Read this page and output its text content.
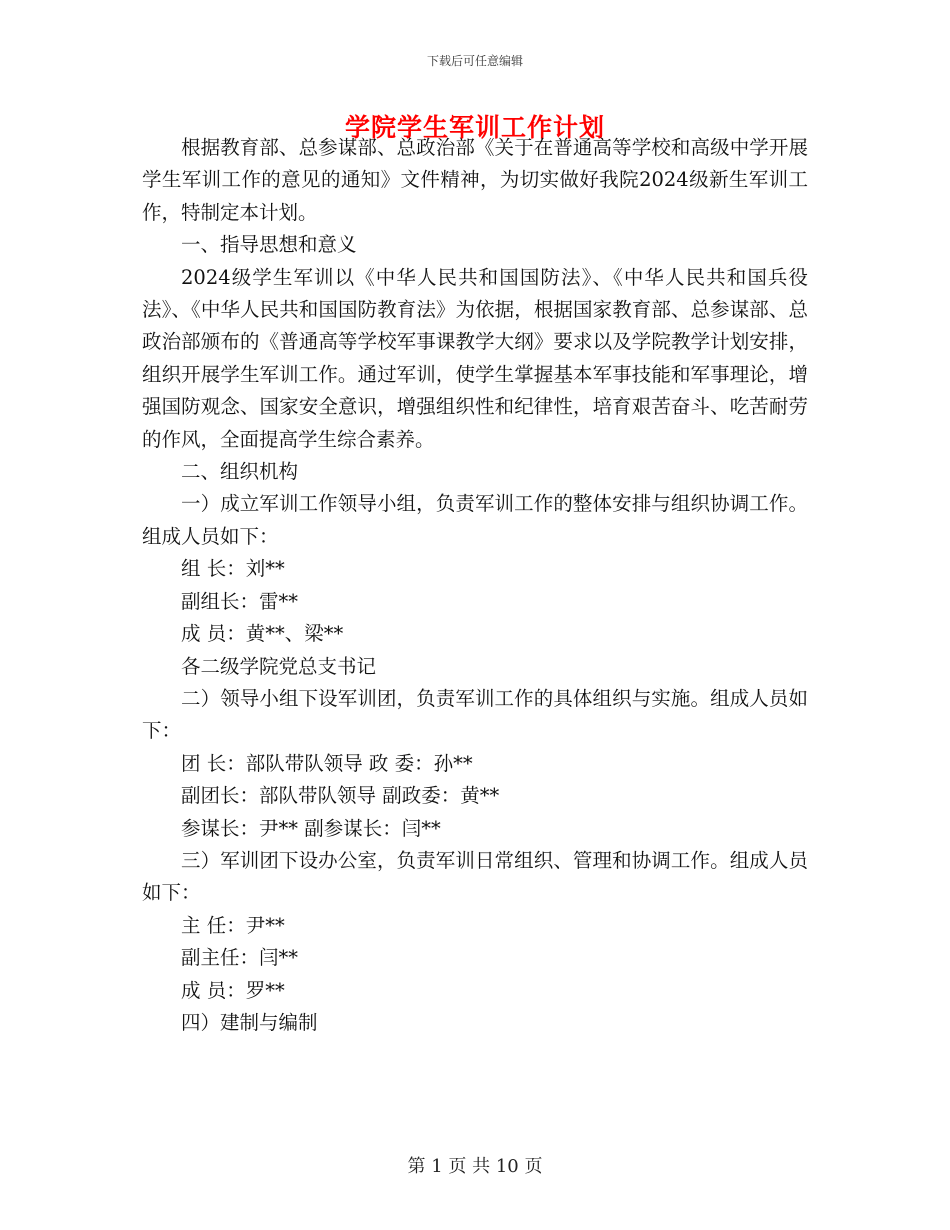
下载后可任意编辑
学院学生军训工作计划

根据教育部、总参谋部、总政治部《关于在普通高等学校和高级中学开展学生军训工作的意见的通知》文件精神，为切实做好我院2024级新生军训工作，特制定本计划。

一、指导思想和意义

2024级学生军训以《中华人民共和国国防法》、《中华人民共和国兵役法》、《中华人民共和国国防教育法》为依据，根据国家教育部、总参谋部、总政治部颁布的《普通高等学校军事课教学大纲》要求以及学院教学计划安排，组织开展学生军训工作。通过军训，使学生掌握基本军事技能和军事理论，增强国防观念、国家安全意识，增强组织性和纪律性，培育艰苦奋斗、吃苦耐劳的作风，全面提高学生综合素养。

二、组织机构

一）成立军训工作领导小组，负责军训工作的整体安排与组织协调工作。组成人员如下：

组 长：刘**

副组长：雷**

成 员：黄**、梁**

各二级学院党总支书记

二）领导小组下设军训团，负责军训工作的具体组织与实施。组成人员如下：

团 长：部队带队领导 政 委：孙**

副团长：部队带队领导 副政委：黄**

参谋长：尹** 副参谋长：闫**

三）军训团下设办公室，负责军训日常组织、管理和协调工作。组成人员如下：

主 任：尹**

副主任：闫**

成 员：罗**

四）建制与编制

第 1 页 共 10 页
